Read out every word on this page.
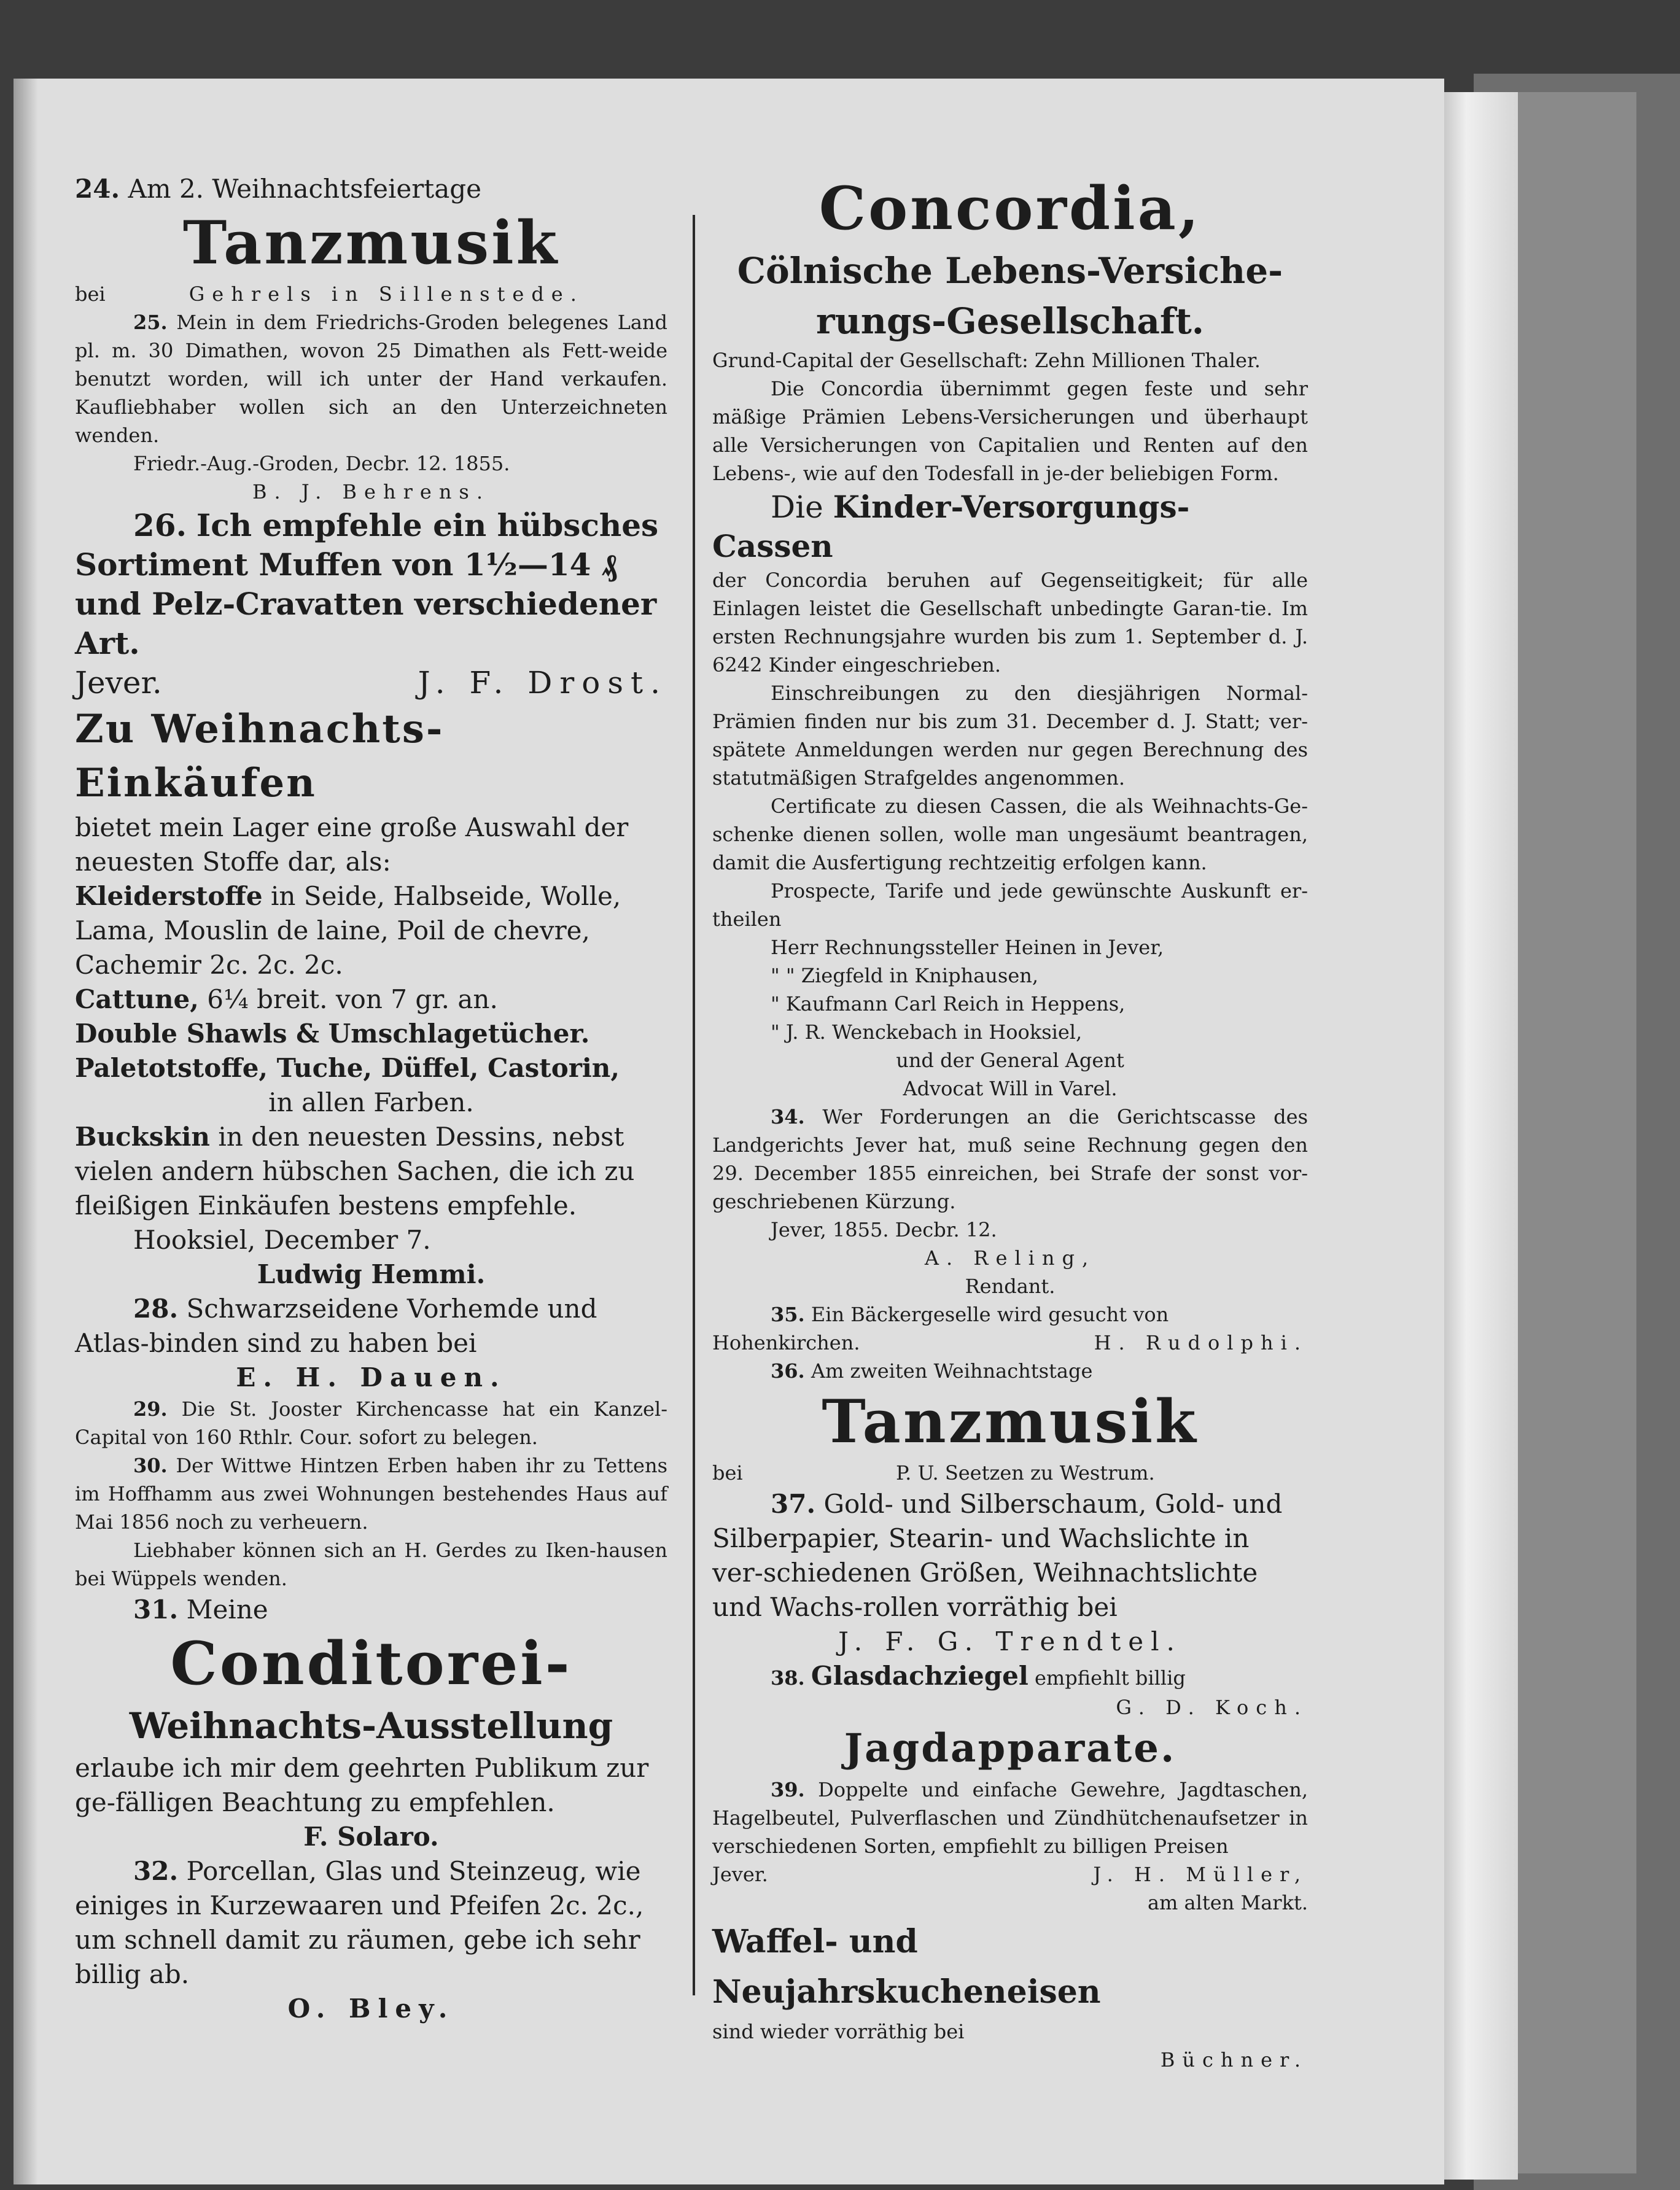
24. Am 2. Weihnachtsfeiertage

Tanzmusik

bei	Gehrels in Sillenstede.

25. Mein in dem Friedrichs-Groden belegenes Land pl. m. 30 Dimathen, wovon 25 Dimathen als Fett-weide benutzt worden, will ich unter der Hand verkaufen. Kaufliebhaber wollen sich an den Unterzeichneten wenden.

Friedr.-Aug.-Groden, Decbr. 12. 1855.

B. J. Behrens.

26. Ich empfehle ein hübsches Sortiment Muffen von 1½—14 ₰ und Pelz-Cravatten verschiedener Art.

Jever.	J. F. Drost.

Zu Weihnachts-Einkäufen

bietet mein Lager eine große Auswahl der neuesten Stoffe dar, als:

Kleiderstoffe in Seide, Halbseide, Wolle, Lama, Mouslin de laine, Poil de chevre, Cachemir 2c. 2c. 2c.

Cattune, 6¼ breit. von 7 gr. an.

Double Shawls & Umschlagetücher.

Paletotstoffe, Tuche, Düffel, Castorin,

in allen Farben.

Buckskin in den neuesten Dessins, nebst vielen andern hübschen Sachen, die ich zu fleißigen Einkäufen bestens empfehle.

Hooksiel, December 7.

Ludwig Hemmi.

28. Schwarzseidene Vorhemde und Atlas-binden sind zu haben bei

E. H. Dauen.

29. Die St. Jooster Kirchencasse hat ein Kanzel-Capital von 160 Rthlr. Cour. sofort zu belegen.

30. Der Wittwe Hintzen Erben haben ihr zu Tettens im Hoffhamm aus zwei Wohnungen bestehendes Haus auf Mai 1856 noch zu verheuern.

Liebhaber können sich an H. Gerdes zu Iken-hausen bei Wüppels wenden.

31. Meine

Conditorei-

Weihnachts-Ausstellung

erlaube ich mir dem geehrten Publikum zur ge-fälligen Beachtung zu empfehlen.

F. Solaro.

32. Porcellan, Glas und Steinzeug, wie einiges in Kurzewaaren und Pfeifen 2c. 2c., um schnell damit zu räumen, gebe ich sehr billig ab.

O. Bley.

Concordia,

Cölnische Lebens-Versiche-rungs-Gesellschaft.

Grund-Capital der Gesellschaft: Zehn Millionen Thaler.

Die Concordia übernimmt gegen feste und sehr mäßige Prämien Lebens-Versicherungen und überhaupt alle Versicherungen von Capitalien und Renten auf den Lebens-, wie auf den Todesfall in je-der beliebigen Form.

Die Kinder-Versorgungs-Cassen

der Concordia beruhen auf Gegenseitigkeit; für alle Einlagen leistet die Gesellschaft unbedingte Garan-tie. Im ersten Rechnungsjahre wurden bis zum 1. September d. J. 6242 Kinder eingeschrieben.

Einschreibungen zu den diesjährigen Normal-Prämien finden nur bis zum 31. December d. J. Statt; ver-spätete Anmeldungen werden nur gegen Berechnung des statutmäßigen Strafgeldes angenommen.

Certificate zu diesen Cassen, die als Weihnachts-Ge-schenke dienen sollen, wolle man ungesäumt beantragen, damit die Ausfertigung rechtzeitig erfolgen kann.

Prospecte, Tarife und jede gewünschte Auskunft er-theilen

Herr Rechnungssteller Heinen in Jever,

" " Ziegfeld in Kniphausen,

" Kaufmann Carl Reich in Heppens,

" J. R. Wenckebach in Hooksiel,

und der General Agent

Advocat Will in Varel.

34. Wer Forderungen an die Gerichtscasse des Landgerichts Jever hat, muß seine Rechnung gegen den 29. December 1855 einreichen, bei Strafe der sonst vor-geschriebenen Kürzung.

Jever, 1855. Decbr. 12.

A. Reling,

Rendant.

35. Ein Bäckergeselle wird gesucht von

Hohenkirchen.	H. Rudolphi.

36. Am zweiten Weihnachtstage

Tanzmusik

bei	P. U. Seetzen zu Westrum.

37. Gold- und Silberschaum, Gold- und Silberpapier, Stearin- und Wachslichte in ver-schiedenen Größen, Weihnachtslichte und Wachs-rollen vorräthig bei

J. F. G. Trendtel.

38. Glasdachziegel empfiehlt billig

G. D. Koch.

Jagdapparate.

39. Doppelte und einfache Gewehre, Jagdtaschen, Hagelbeutel, Pulverflaschen und Zündhütchenaufsetzer in verschiedenen Sorten, empfiehlt zu billigen Preisen

Jever.	J. H. Müller,

am alten Markt.

Waffel- und Neujahrskucheneisen

sind wieder vorräthig bei

Büchner.
